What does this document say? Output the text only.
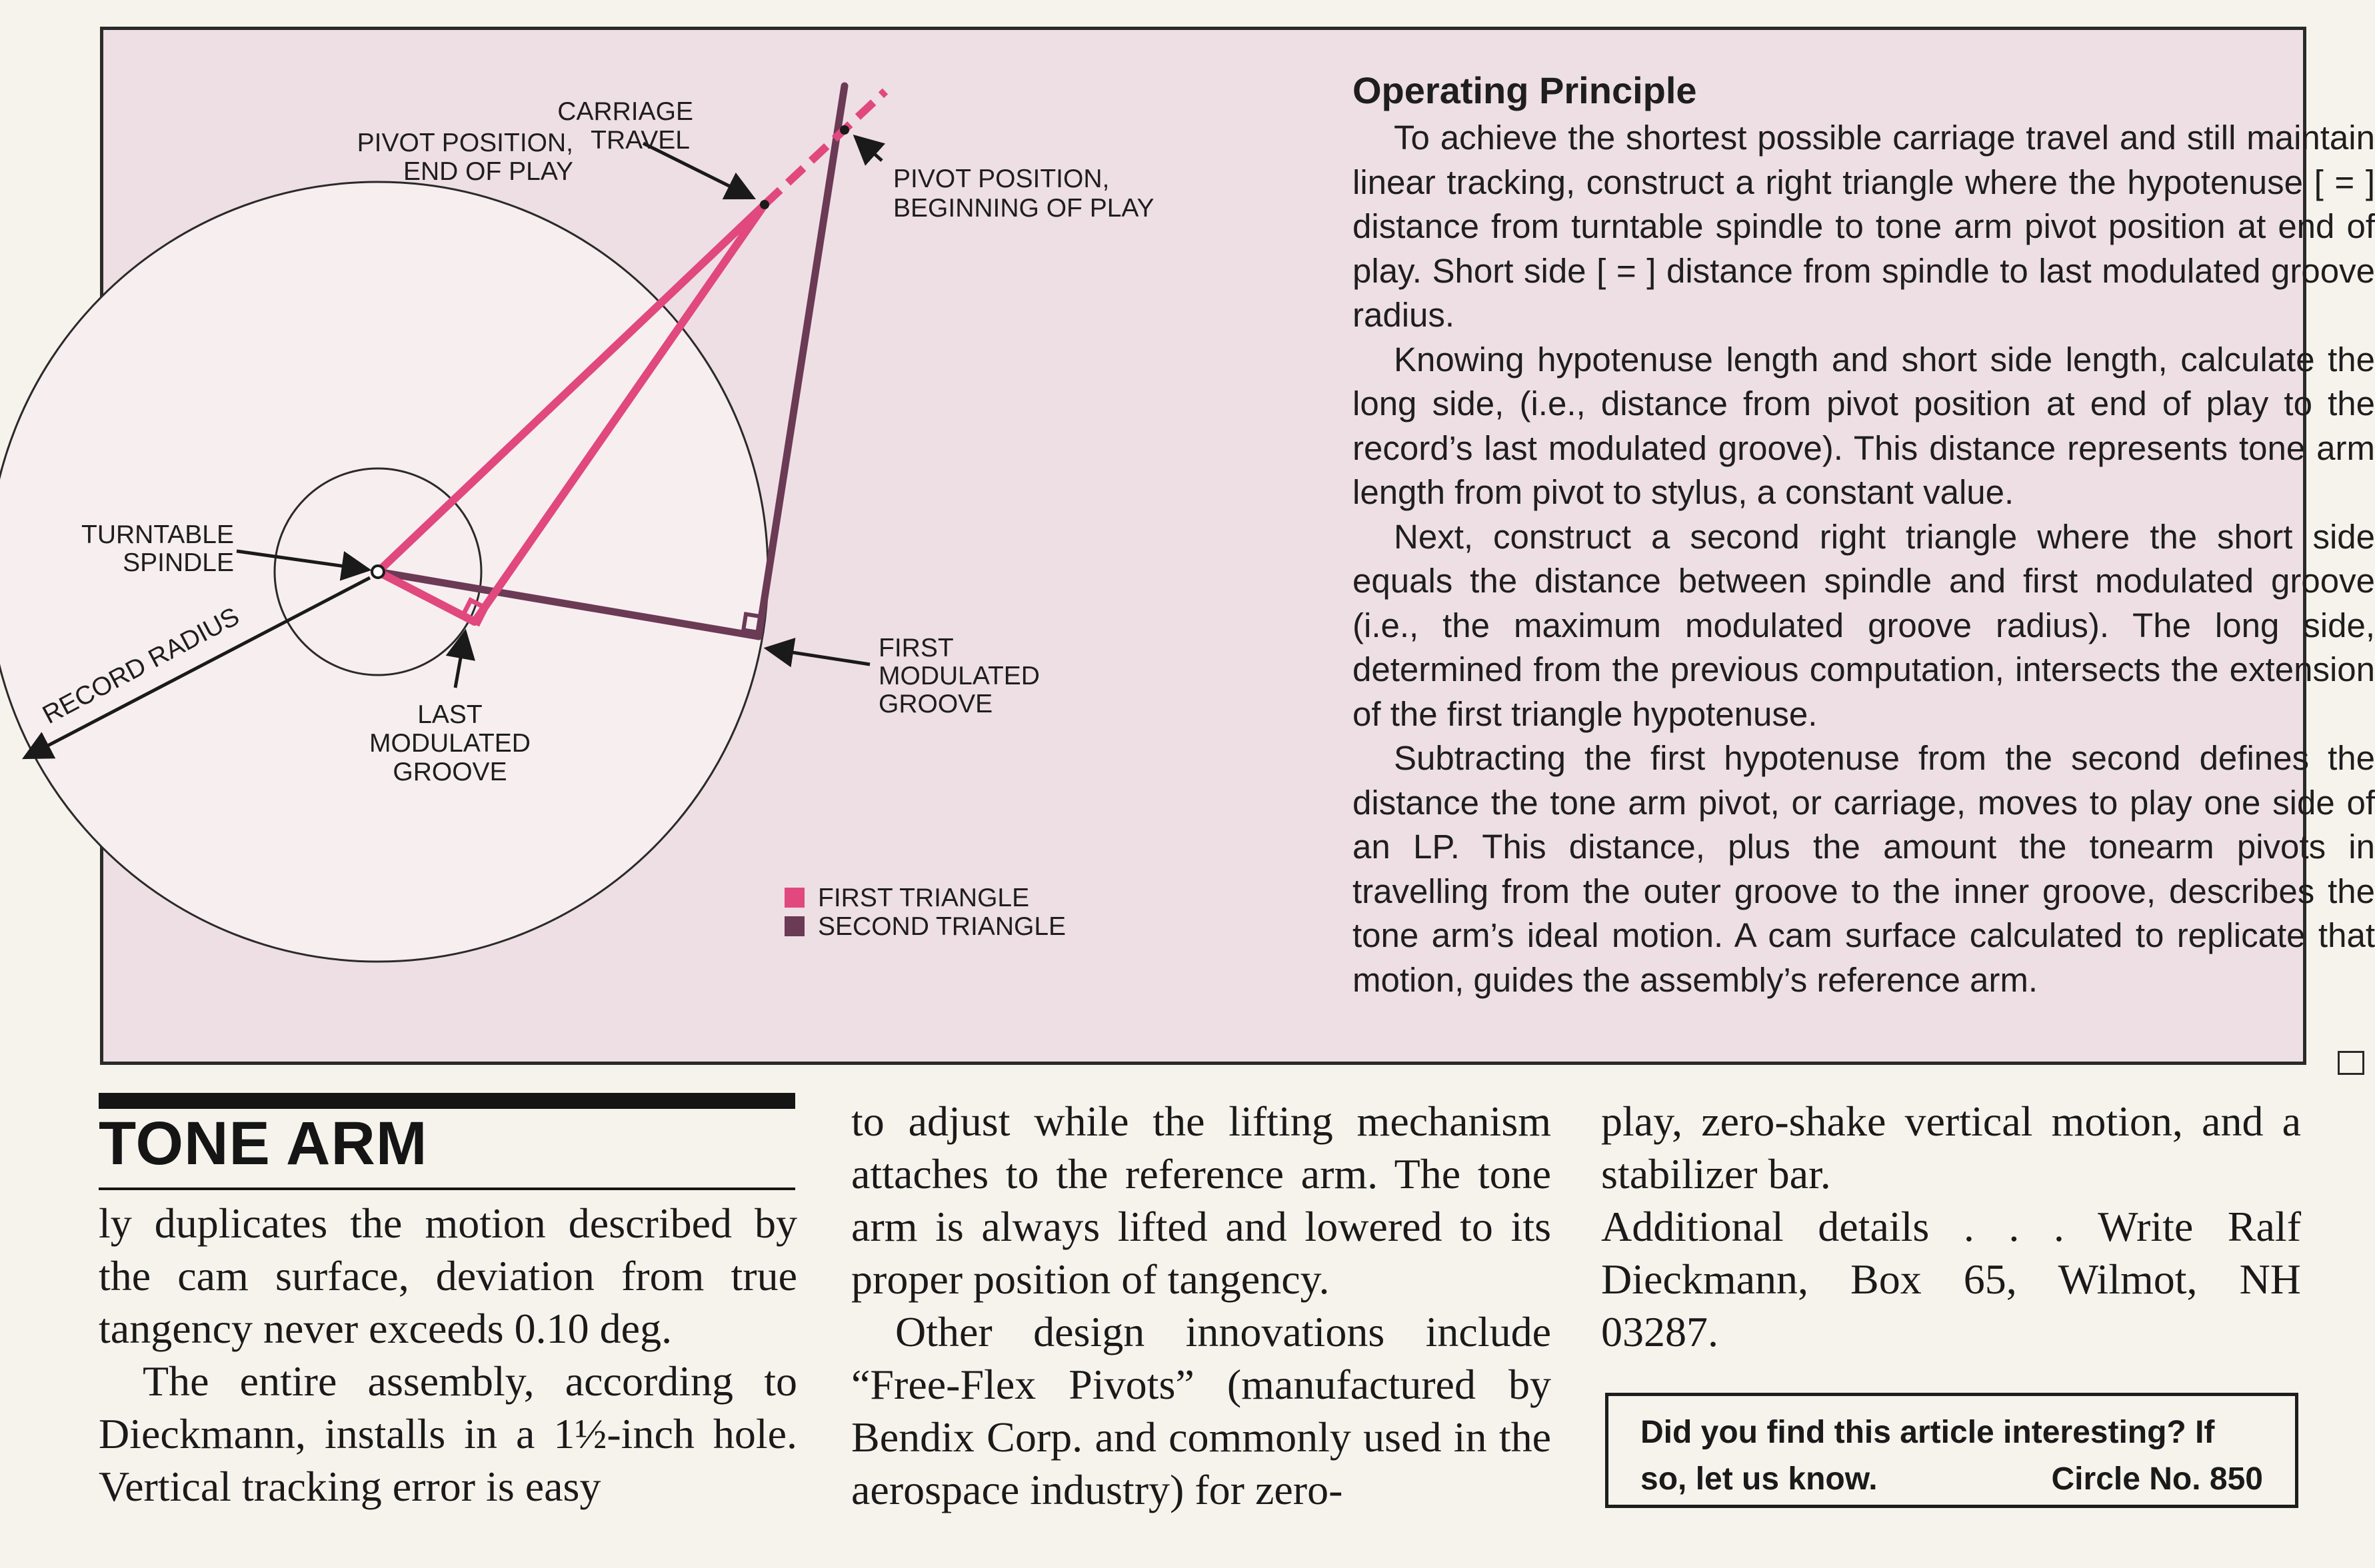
CARRIAGE
TRAVEL
PIVOT POSITION,
END OF PLAY	PIVOT POSITION,
BEGINNING OF PLAY
TURNTABLE
SPINDLE
RECORD RADIUS	LAST
MODULATED
GROOVE
FIRST
MODULATED
GROOVE
FIRST TRIANGLE
SECOND TRIANGLE
Operating Principle

To achieve the shortest possible carriage travel and still maintain linear tracking, construct a right triangle where the hypotenuse [ = ] distance from turntable spindle to tone arm pivot position at end of play. Short side [ = ] distance from spindle to last modulated groove radius.

Knowing hypotenuse length and short side length, calculate the long side, (i.e., distance from pivot position at end of play to the record’s last modulated groove). This distance represents tone arm length from pivot to stylus, a constant value.

Next, construct a second right triangle where the short side equals the distance between spindle and first modulated groove (i.e., the maximum modulated groove radius). The long side, determined from the previous computation, intersects the extension of the first triangle hypotenuse.

Subtracting the first hypotenuse from the second defines the distance the tone arm pivot, or carriage, moves to play one side of an LP. This distance, plus the amount the tonearm pivots in travelling from the outer groove to the inner groove, describes the tone arm’s ideal motion. A cam surface calculated to replicate that motion, guides the assembly’s reference arm.

TONE ARM

ly duplicates the motion described by the cam surface, deviation from true tangency never exceeds 0.10 deg.

The entire assembly, according to Dieckmann, installs in a 1½-inch hole. Vertical tracking error is easy

to adjust while the lifting mechanism attaches to the reference arm. The tone arm is always lifted and lowered to its proper position of tangency.

Other design innovations include “Free-Flex Pivots” (manufactured by Bendix Corp. and commonly used in the aerospace industry) for zero-

play, zero-shake vertical motion, and a stabilizer bar.

Additional details . . . Write Ralf Dieckmann, Box 65, Wilmot, NH 03287.

Did you find this article interesting? If
so, let us know.	Circle No. 850
